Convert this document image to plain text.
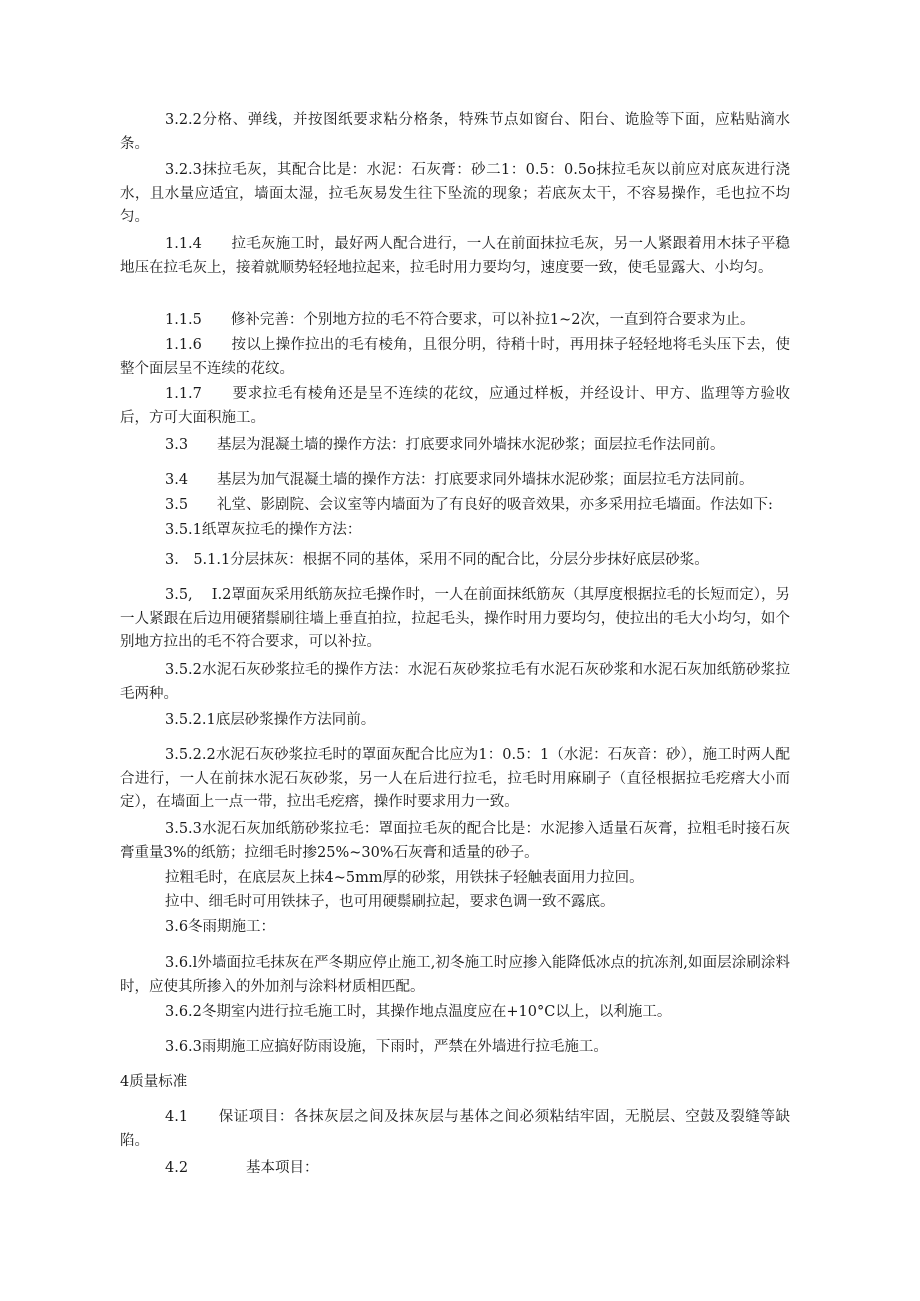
3.2.2分格、弹线，并按图纸要求粘分格条，特殊节点如窗台、阳台、诡脸等下面，应粘贴滴水条。

3.2.3抹拉毛灰，其配合比是：水泥：石灰膏：砂二1：0.5：0.5o抹拉毛灰以前应对底灰进行浇水，且水量应适宜，墙面太湿，拉毛灰易发生往下坠流的现象；若底灰太干，不容易操作，毛也拉不均匀。

1.1.4　　拉毛灰施工时，最好两人配合进行，一人在前面抹拉毛灰，另一人紧跟着用木抹子平稳地压在拉毛灰上，接着就顺势轻轻地拉起来，拉毛时用力要均匀，速度要一致，使毛显露大、小均匀。

1.1.5　　修补完善：个别地方拉的毛不符合要求，可以补拉1~2次，一直到符合要求为止。

1.1.6　　按以上操作拉出的毛有棱角，且很分明，待稍十时，再用抹子轻轻地将毛头压下去，使整个面层呈不连续的花纹。

1.1.7　　要求拉毛有棱角还是呈不连续的花纹，应通过样板，并经设计、甲方、监理等方验收后，方可大面积施工。

3.3　　基层为混凝土墙的操作方法：打底要求同外墙抹水泥砂浆；面层拉毛作法同前。

3.4　　基层为加气混凝土墙的操作方法：打底要求同外墙抹水泥砂浆；面层拉毛方法同前。

3.5　　礼堂、影剧院、会议室等内墙面为了有良好的吸音效果，亦多采用拉毛墙面。作法如下:

3.5.1纸罩灰拉毛的操作方法：

3.　5.1.1分层抹灰：根据不同的基体，采用不同的配合比，分层分步抹好底层砂浆。

3.5,　 I.2罩面灰采用纸筋灰拉毛操作时，一人在前面抹纸筋灰（其厚度根据拉毛的长短而定），另一人紧跟在后边用硬猪鬃刷往墙上垂直拍拉，拉起毛头，操作时用力要均匀，使拉出的毛大小均匀，如个别地方拉出的毛不符合要求，可以补拉。

3.5.2水泥石灰砂浆拉毛的操作方法：水泥石灰砂浆拉毛有水泥石灰砂浆和水泥石灰加纸筋砂浆拉毛两种。

3.5.2.1底层砂浆操作方法同前。

3.5.2.2水泥石灰砂浆拉毛时的罩面灰配合比应为1：0.5：1（水泥：石灰音：砂），施工时两人配合进行，一人在前抹水泥石灰砂浆，另一人在后进行拉毛，拉毛时用麻刷子（直径根据拉毛疙瘩大小而定），在墙面上一点一带，拉出毛疙瘩，操作时要求用力一致。

3.5.3水泥石灰加纸筋砂浆拉毛：罩面拉毛灰的配合比是：水泥掺入适量石灰膏，拉粗毛时接石灰膏重量3%的纸筋；拉细毛时掺25%~30%石灰膏和适量的砂子。

拉粗毛时，在底层灰上抹4~5mm厚的砂浆，用铁抹子轻触表面用力拉回。

拉中、细毛时可用铁抹子，也可用硬鬃刷拉起，要求色调一致不露底。

3.6冬雨期施工：

3.6.l外墙面拉毛抹灰在严冬期应停止施工,初冬施工时应掺入能降低冰点的抗冻剂,如面层涂刷涂料时，应使其所掺入的外加剂与涂料材质相匹配。

3.6.2冬期室内进行拉毛施工时，其操作地点温度应在+10°C以上，以利施工。

3.6.3雨期施工应搞好防雨设施，下雨时，严禁在外墙进行拉毛施工。

4质量标准

4.1　　保证项目：各抹灰层之间及抹灰层与基体之间必须粘结牢固，无脱层、空鼓及裂缝等缺陷。

4.2　　　　基本项目：
